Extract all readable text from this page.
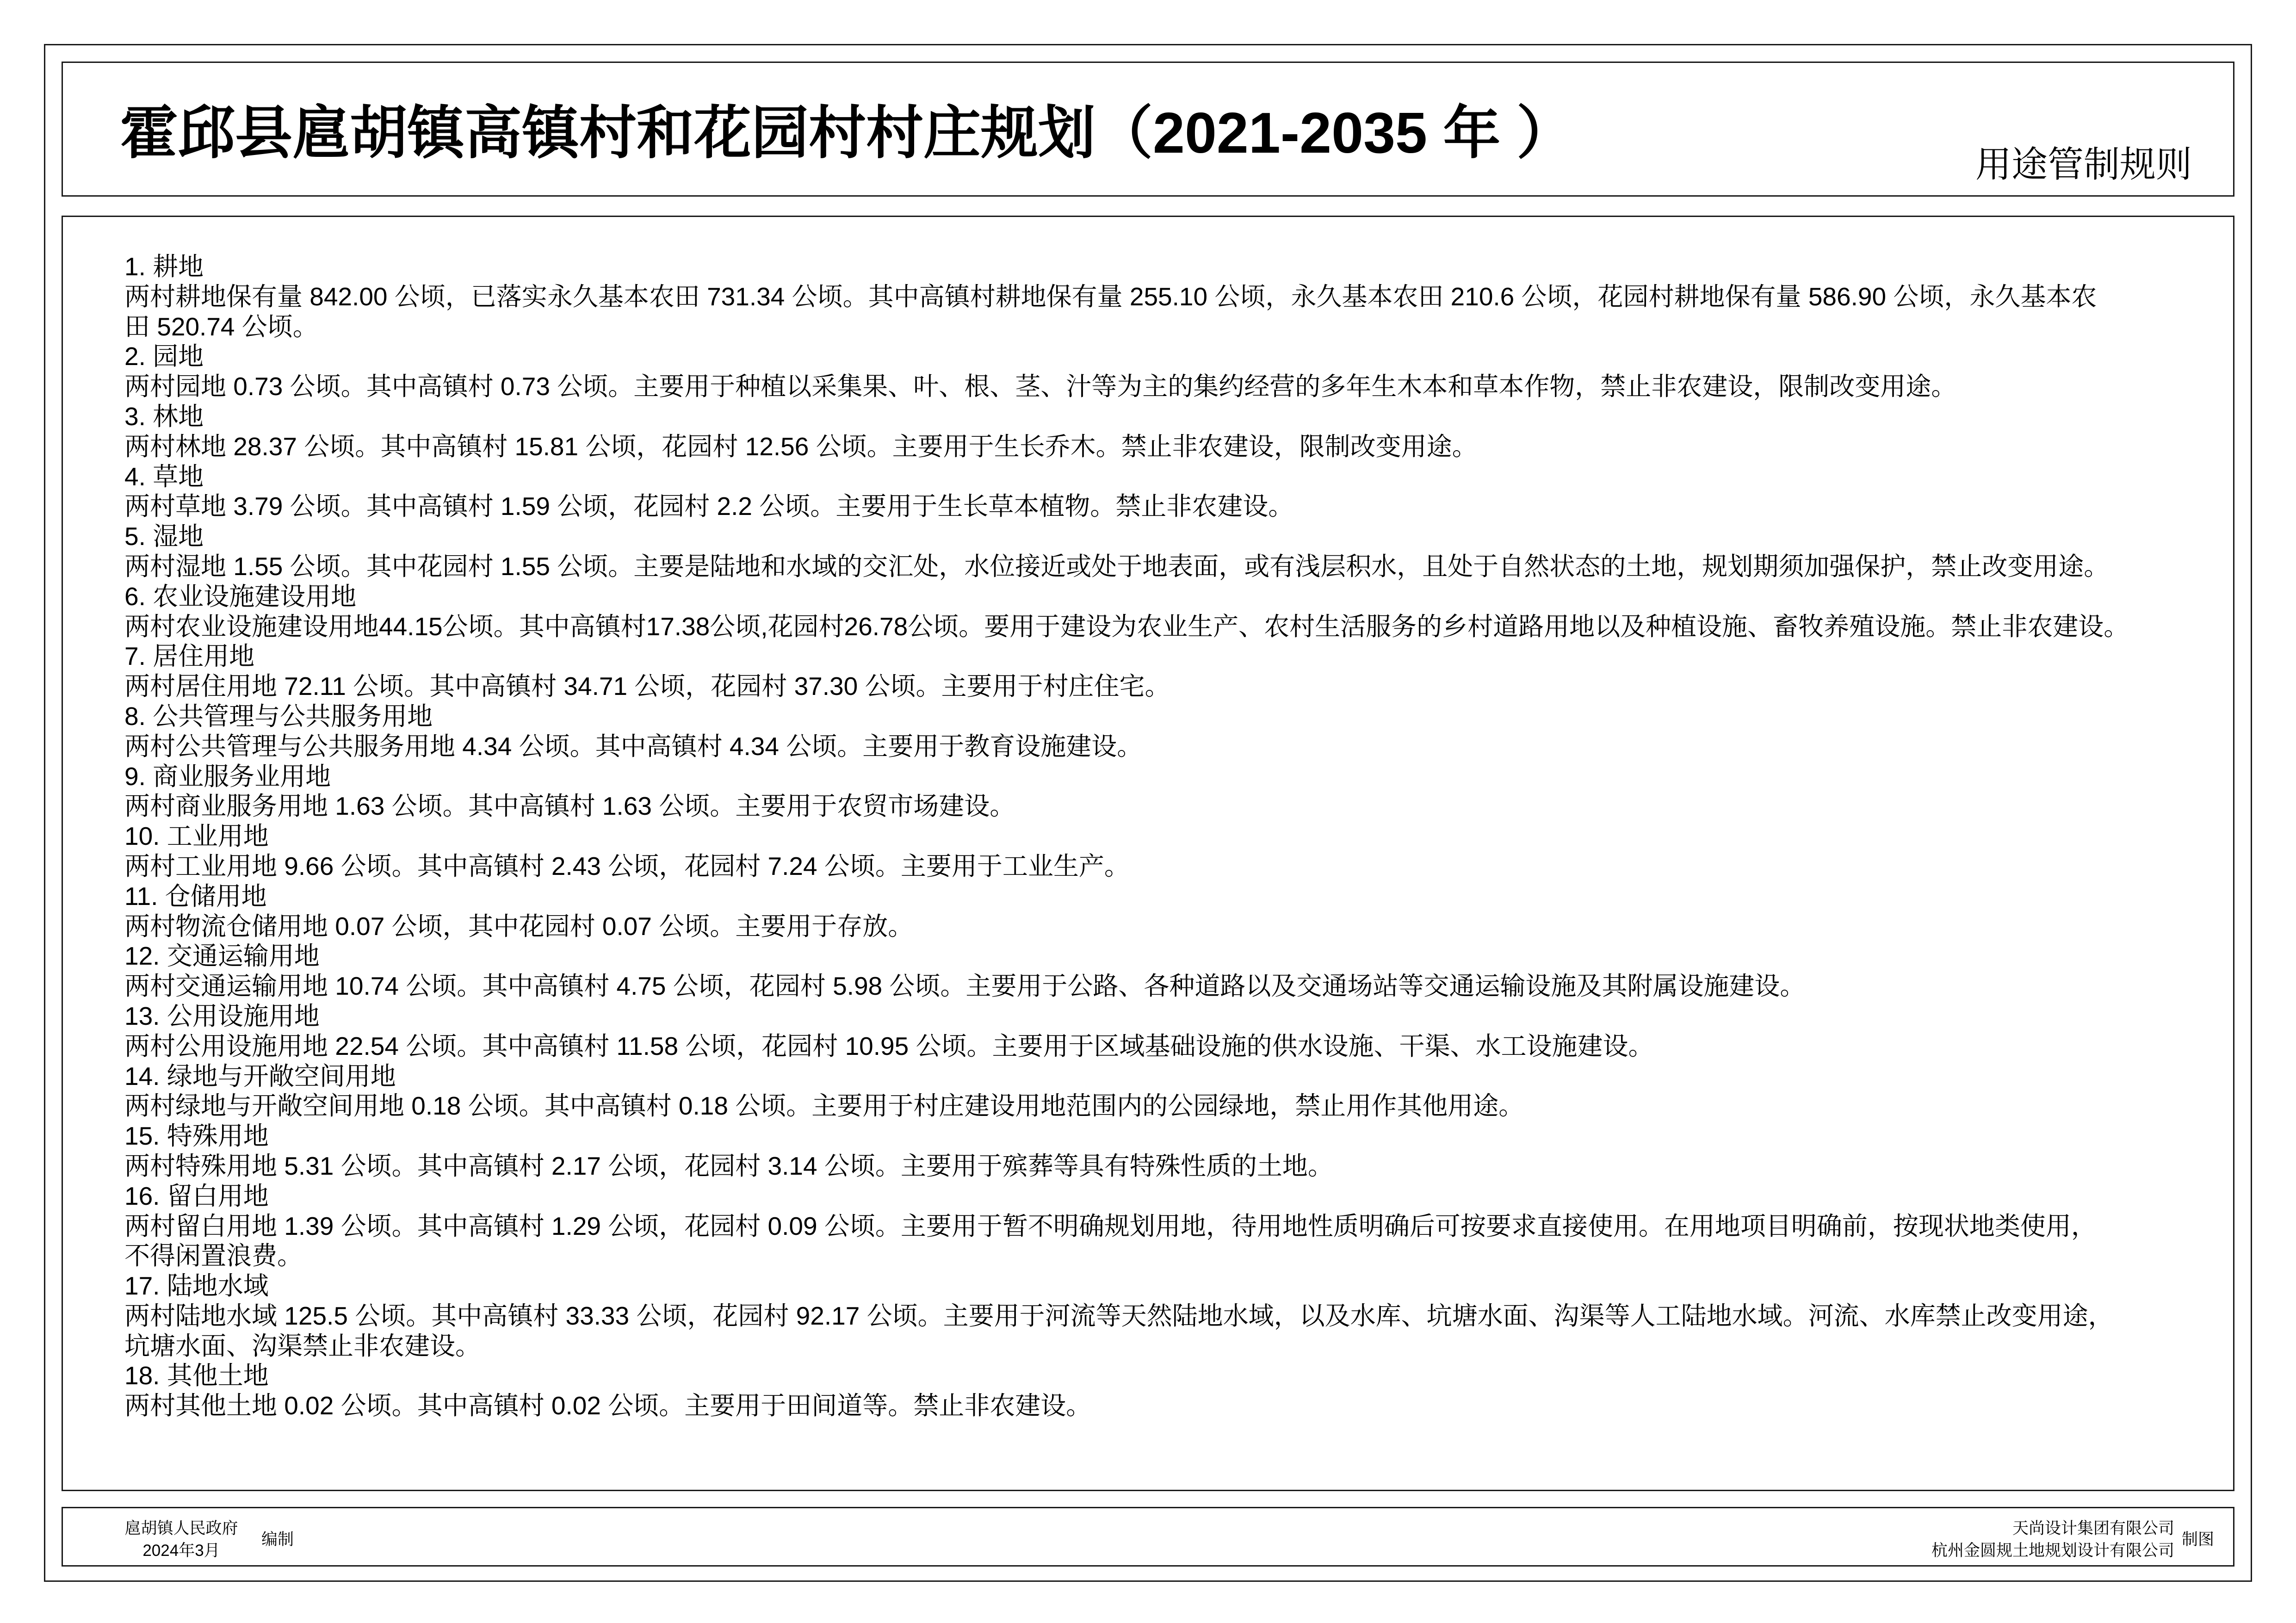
霍邱县扈胡镇高镇村和花园村村庄规划（2021-2035 年 ）	用途管制规则
1. 耕地
两村耕地保有量 842.00 公顷，已落实永久基本农田 731.34 公顷。其中高镇村耕地保有量 255.10 公顷，永久基本农田 210.6 公顷，花园村耕地保有量 586.90 公顷，永久基本农
田 520.74 公顷。
2. 园地
两村园地 0.73 公顷。其中高镇村 0.73 公顷。主要用于种植以采集果、叶、根、茎、汁等为主的集约经营的多年生木本和草本作物，禁止非农建设，限制改变用途。
3. 林地
两村林地 28.37 公顷。其中高镇村 15.81 公顷，花园村 12.56 公顷。主要用于生长乔木。禁止非农建设，限制改变用途。
4. 草地
两村草地 3.79 公顷。其中高镇村 1.59 公顷，花园村 2.2 公顷。主要用于生长草本植物。禁止非农建设。
5. 湿地
两村湿地 1.55 公顷。其中花园村 1.55 公顷。主要是陆地和水域的交汇处，水位接近或处于地表面，或有浅层积水，且处于自然状态的土地，规划期须加强保护，禁止改变用途。
6. 农业设施建设用地
两村农业设施建设用地44.15公顷。其中高镇村17.38公顷,花园村26.78公顷。要用于建设为农业生产、农村生活服务的乡村道路用地以及种植设施、畜牧养殖设施。禁止非农建设。
7. 居住用地
两村居住用地 72.11 公顷。其中高镇村 34.71 公顷，花园村 37.30 公顷。主要用于村庄住宅。
8. 公共管理与公共服务用地
两村公共管理与公共服务用地 4.34 公顷。其中高镇村 4.34 公顷。主要用于教育设施建设。
9. 商业服务业用地
两村商业服务用地 1.63 公顷。其中高镇村 1.63 公顷。主要用于农贸市场建设。
10. 工业用地
两村工业用地 9.66 公顷。其中高镇村 2.43 公顷，花园村 7.24 公顷。主要用于工业生产。
11. 仓储用地
两村物流仓储用地 0.07 公顷，其中花园村 0.07 公顷。主要用于存放。
12. 交通运输用地
两村交通运输用地 10.74 公顷。其中高镇村 4.75 公顷，花园村 5.98 公顷。主要用于公路、各种道路以及交通场站等交通运输设施及其附属设施建设。
13. 公用设施用地
两村公用设施用地 22.54 公顷。其中高镇村 11.58 公顷，花园村 10.95 公顷。主要用于区域基础设施的供水设施、干渠、水工设施建设。
14. 绿地与开敞空间用地
两村绿地与开敞空间用地 0.18 公顷。其中高镇村 0.18 公顷。主要用于村庄建设用地范围内的公园绿地，禁止用作其他用途。
15. 特殊用地
两村特殊用地 5.31 公顷。其中高镇村 2.17 公顷，花园村 3.14 公顷。主要用于殡葬等具有特殊性质的土地。
16. 留白用地
两村留白用地 1.39 公顷。其中高镇村 1.29 公顷，花园村 0.09 公顷。主要用于暂不明确规划用地，待用地性质明确后可按要求直接使用。在用地项目明确前，按现状地类使用，
不得闲置浪费。
17. 陆地水域
两村陆地水域 125.5 公顷。其中高镇村 33.33 公顷，花园村 92.17 公顷。主要用于河流等天然陆地水域，以及水库、坑塘水面、沟渠等人工陆地水域。河流、水库禁止改变用途，
坑塘水面、沟渠禁止非农建设。
18. 其他土地
两村其他土地 0.02 公顷。其中高镇村 0.02 公顷。主要用于田间道等。禁止非农建设。
扈胡镇人民政府
2024年3月
编制
天尚设计集团有限公司
杭州金圆规土地规划设计有限公司
制图
